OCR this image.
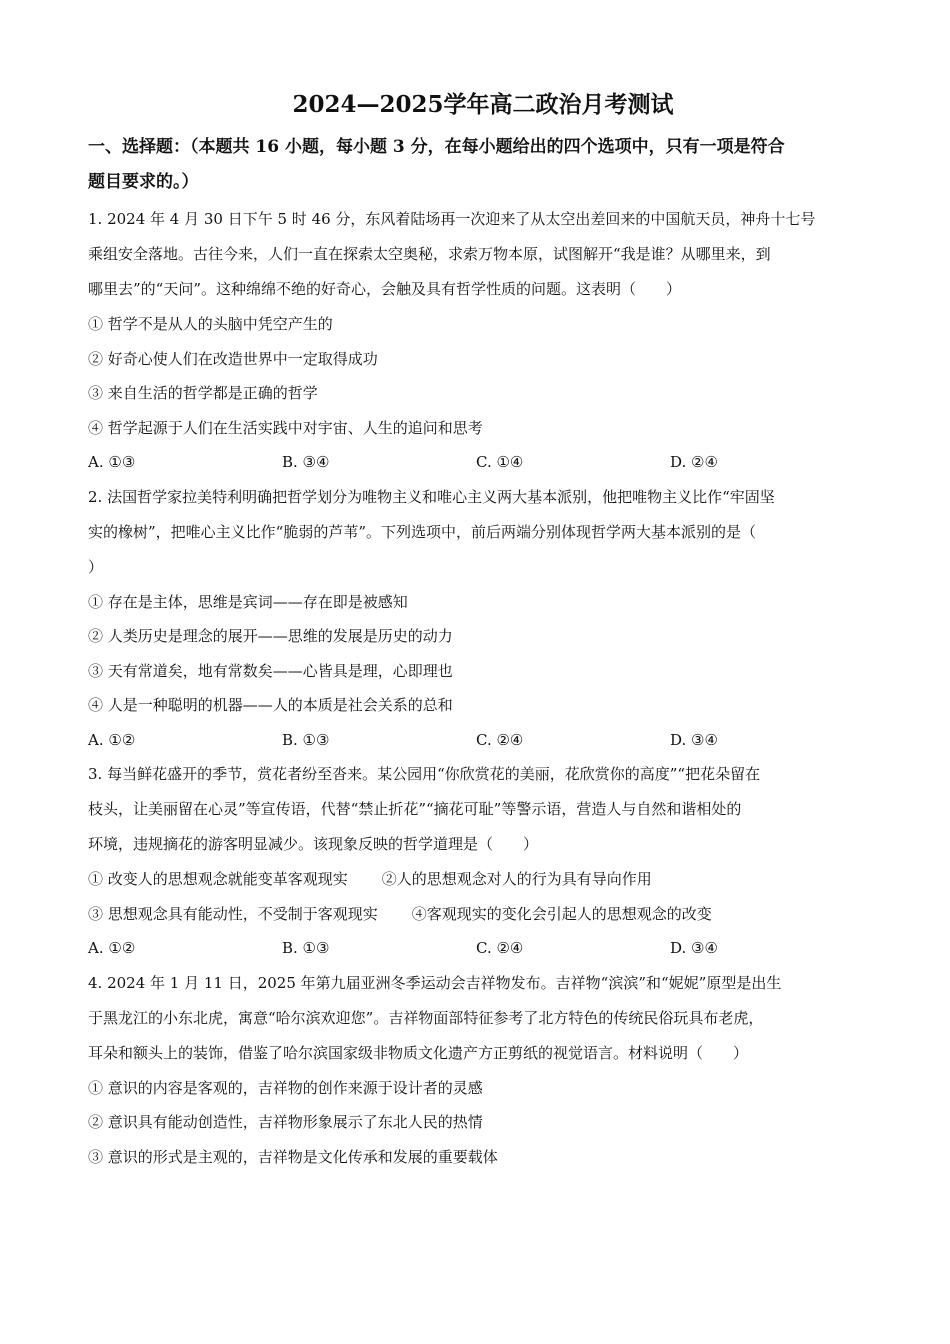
2024—2025学年高二政治月考测试
一、选择题：（本题共 16 小题，每小题 3 分，在每小题给出的四个选项中，只有一项是符合
题目要求的。）

1. 2024 年 4 月 30 日下午 5 时 46 分，东风着陆场再一次迎来了从太空出差回来的中国航天员，神舟十七号

乘组安全落地。古往今来，人们一直在探索太空奥秘，求索万物本原，试图解开“我是谁？从哪里来，到

哪里去”的“天问”。这种绵绵不绝的好奇心，会触及具有哲学性质的问题。这表明（　　）

① 哲学不是从人的头脑中凭空产生的

② 好奇心使人们在改造世界中一定取得成功

③ 来自生活的哲学都是正确的哲学

④ 哲学起源于人们在生活实践中对宇宙、人生的追问和思考

A. ①③	B. ③④	C. ①④	D. ②④

2. 法国哲学家拉美特利明确把哲学划分为唯物主义和唯心主义两大基本派别，他把唯物主义比作“牢固坚

实的橡树”，把唯心主义比作“脆弱的芦苇”。下列选项中，前后两端分别体现哲学两大基本派别的是（

）

① 存在是主体，思维是宾词——存在即是被感知

② 人类历史是理念的展开——思维的发展是历史的动力

③ 天有常道矣，地有常数矣——心皆具是理，心即理也

④ 人是一种聪明的机器——人的本质是社会关系的总和

A. ①②	B. ①③	C. ②④	D. ③④

3. 每当鲜花盛开的季节，赏花者纷至沓来。某公园用“你欣赏花的美丽，花欣赏你的高度”“把花朵留在

枝头，让美丽留在心灵”等宣传语，代替“禁止折花”“摘花可耻”等警示语，营造人与自然和谐相处的

环境，违规摘花的游客明显减少。该现象反映的哲学道理是（　　）

① 改变人的思想观念就能变革客观现实 ②人的思想观念对人的行为具有导向作用

③ 思想观念具有能动性，不受制于客观现实 ④客观现实的变化会引起人的思想观念的改变

A. ①②	B. ①③	C. ②④	D. ③④

4. 2024 年 1 月 11 日，2025 年第九届亚洲冬季运动会吉祥物发布。吉祥物“滨滨”和“妮妮”原型是出生

于黑龙江的小东北虎，寓意“哈尔滨欢迎您”。吉祥物面部特征参考了北方特色的传统民俗玩具布老虎，

耳朵和额头上的装饰，借鉴了哈尔滨国家级非物质文化遗产方正剪纸的视觉语言。材料说明（　　）

① 意识的内容是客观的，吉祥物的创作来源于设计者的灵感

② 意识具有能动创造性，吉祥物形象展示了东北人民的热情

③ 意识的形式是主观的，吉祥物是文化传承和发展的重要载体
